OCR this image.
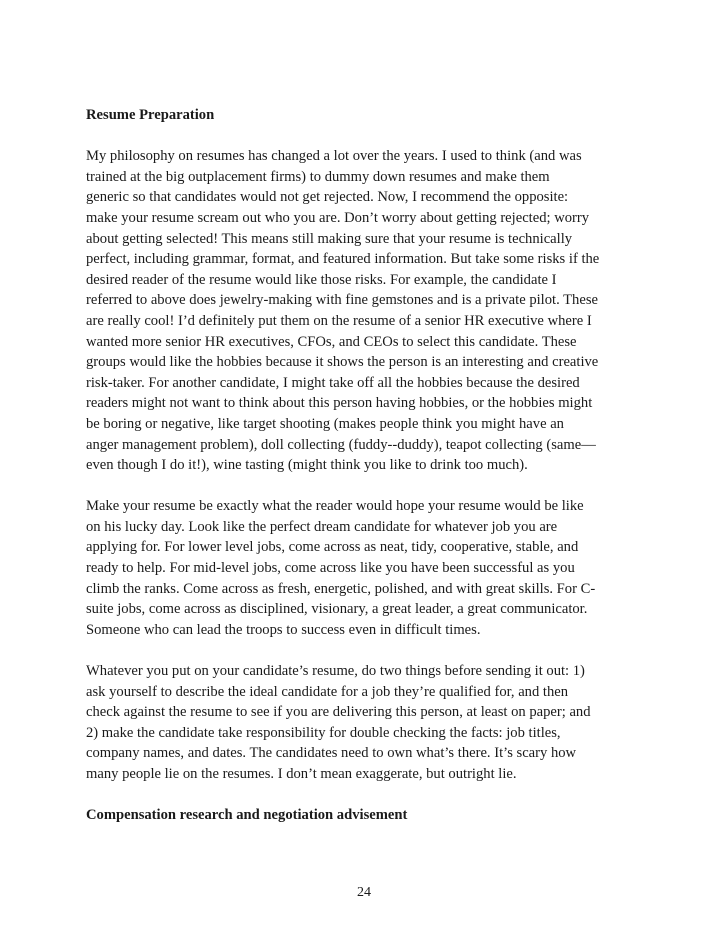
Resume Preparation
My philosophy on resumes has changed a lot over the years. I used to think (and was
trained at the big outplacement firms) to dummy down resumes and make them
generic so that candidates would not get rejected. Now, I recommend the opposite:
make your resume scream out who you are. Don’t worry about getting rejected; worry
about getting selected! This means still making sure that your resume is technically
perfect, including grammar, format, and featured information. But take some risks if the
desired reader of the resume would like those risks. For example, the candidate I
referred to above does jewelry-making with fine gemstones and is a private pilot. These
are really cool! I’d definitely put them on the resume of a senior HR executive where I
wanted more senior HR executives, CFOs, and CEOs to select this candidate. These
groups would like the hobbies because it shows the person is an interesting and creative
risk-taker. For another candidate, I might take off all the hobbies because the desired
readers might not want to think about this person having hobbies, or the hobbies might
be boring or negative, like target shooting (makes people think you might have an
anger management problem), doll collecting (fuddy--duddy), teapot collecting (same—
even though I do it!), wine tasting (might think you like to drink too much).
Make your resume be exactly what the reader would hope your resume would be like
on his lucky day. Look like the perfect dream candidate for whatever job you are
applying for. For lower level jobs, come across as neat, tidy, cooperative, stable, and
ready to help. For mid-level jobs, come across like you have been successful as you
climb the ranks. Come across as fresh, energetic, polished, and with great skills. For C-
suite jobs, come across as disciplined, visionary, a great leader, a great communicator.
Someone who can lead the troops to success even in difficult times.
Whatever you put on your candidate’s resume, do two things before sending it out: 1)
ask yourself to describe the ideal candidate for a job they’re qualified for, and then
check against the resume to see if you are delivering this person, at least on paper; and
2) make the candidate take responsibility for double checking the facts: job titles,
company names, and dates. The candidates need to own what’s there. It’s scary how
many people lie on the resumes. I don’t mean exaggerate, but outright lie.
Compensation research and negotiation advisement
24
